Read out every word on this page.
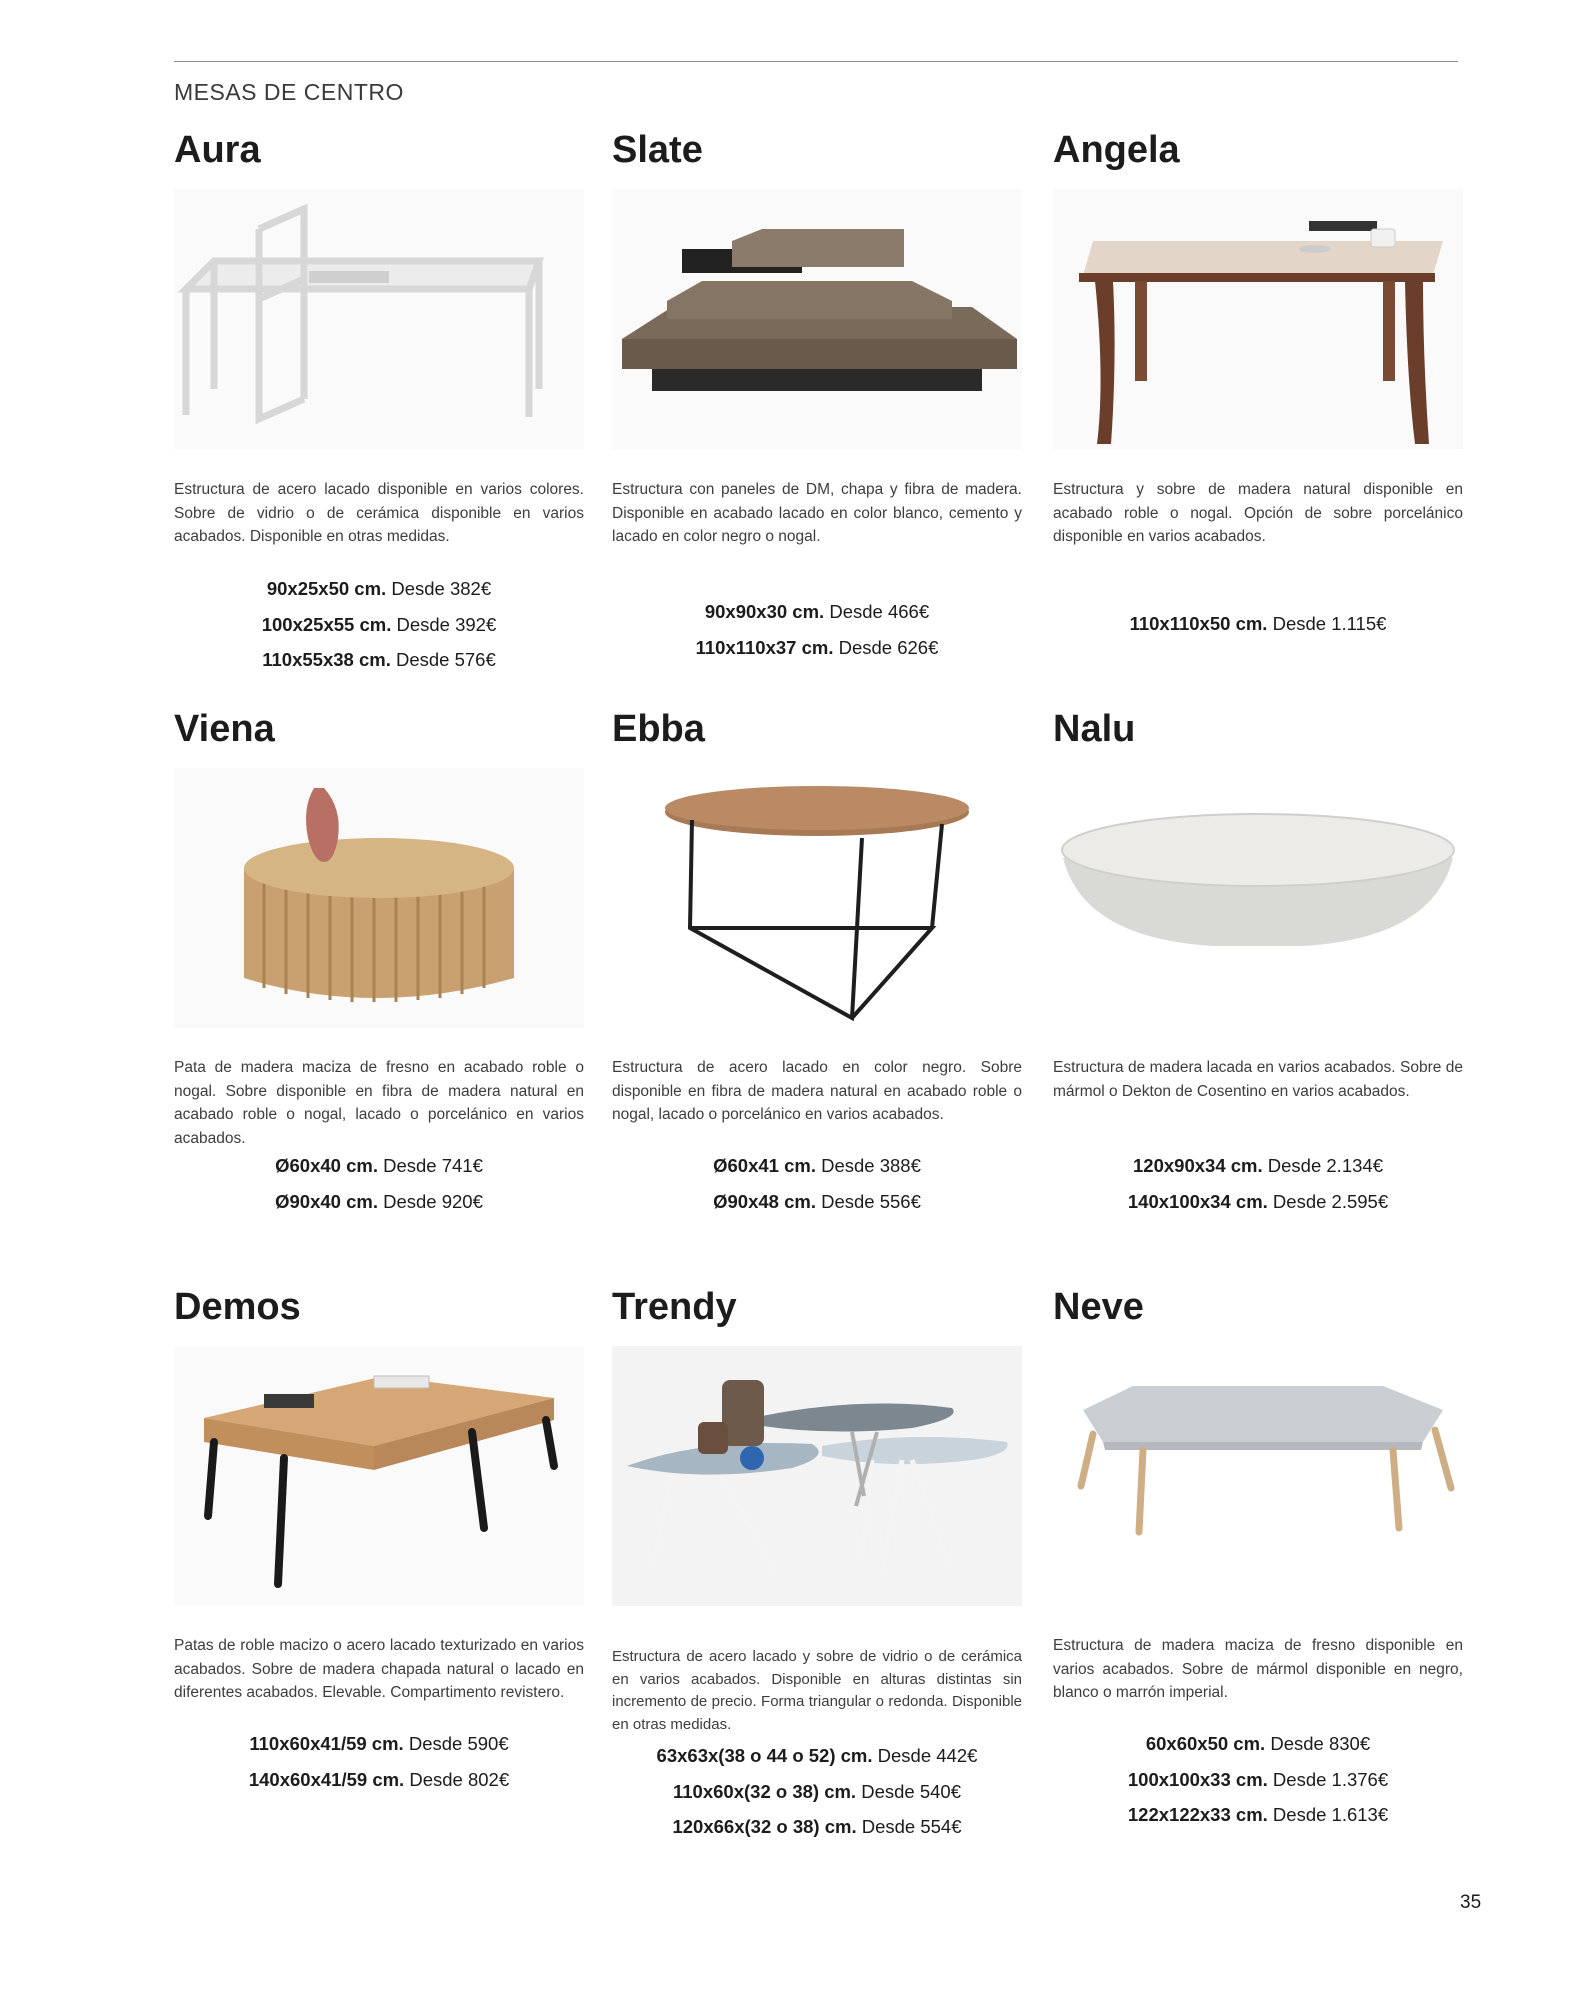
MESAS DE CENTRO
Aura
Estructura de acero lacado disponible en varios colores. Sobre de vidrio o de cerámica disponible en varios acabados. Disponible en otras medidas.
90x25x50 cm. Desde 382€
100x25x55 cm. Desde 392€
110x55x38 cm. Desde 576€
Slate
Estructura con paneles de DM, chapa y fibra de madera. Disponible en acabado lacado en color blanco, cemento y lacado en color negro o nogal.
90x90x30 cm. Desde 466€
110x110x37 cm. Desde 626€
Angela
Estructura y sobre de madera natural disponible en acabado roble o nogal. Opción de sobre porcelánico disponible en varios acabados.
110x110x50 cm. Desde 1.115€
Viena
Pata de madera maciza de fresno en acabado roble o nogal. Sobre disponible en fibra de madera natural en acabado roble o nogal, lacado o porcelánico en varios acabados.
Ø60x40 cm. Desde 741€
Ø90x40 cm. Desde 920€
Ebba
Estructura de acero lacado en color negro. Sobre disponible en fibra de madera natural en acabado roble o nogal, lacado o porcelánico en varios acabados.
Ø60x41 cm. Desde 388€
Ø90x48 cm. Desde 556€
Nalu
Estructura de madera lacada en varios acabados. Sobre de mármol o Dekton de Cosentino en varios acabados.
120x90x34 cm. Desde 2.134€
140x100x34 cm. Desde 2.595€
Demos
Patas de roble macizo o acero lacado texturizado en varios acabados. Sobre de madera chapada natural o lacado en diferentes acabados. Elevable. Compartimento revistero.
110x60x41/59 cm. Desde 590€
140x60x41/59 cm. Desde 802€
Trendy
Estructura de acero lacado y sobre de vidrio o de cerámica en varios acabados. Disponible en alturas distintas sin incremento de precio. Forma triangular o redonda. Disponible en otras medidas.
63x63x(38 o 44 o 52) cm. Desde 442€
110x60x(32 o 38) cm. Desde 540€
120x66x(32 o 38) cm. Desde 554€
Neve
Estructura de madera maciza de fresno disponible en varios acabados. Sobre de mármol disponible en negro, blanco o marrón imperial.
60x60x50 cm. Desde 830€
100x100x33 cm. Desde 1.376€
122x122x33 cm. Desde 1.613€
35
